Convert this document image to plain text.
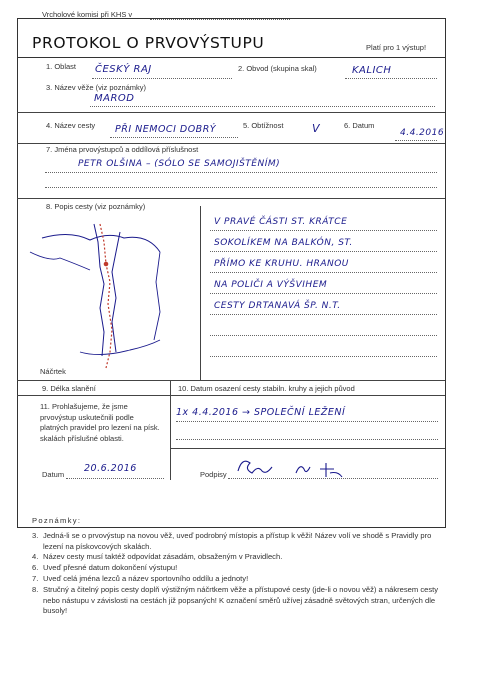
Vrcholové komisi při KHS v
PROTOKOL O PRVOVÝSTUPU	Platí pro 1 výstup!
1. Oblast ČESKÝ RAJ	2. Obvod (skupina skal)	KALICH
3. Název věže (viz poznámky)
MAROD
4. Název cesty PŘI NEMOCI DOBRÝ	5. Obtížnost	V	6. Datum
4.4.2016
7. Jména prvovýstupců a oddílová příslušnost
PETR OLŠINA – (SÓLO SE SAMOJIŠTĚNÍM)
8. Popis cesty (viz poznámky)
V PRAVÉ ČÁSTI ST. KRÁTCE
SOKOLÍKEM NA BALKÓN, ST.
PŘÍMO KE KRUHU. HRANOU
NA POLIČI A VÝŠVIHEM
CESTY DRTANAVÁ ŠP. N.T.
Náčrtek
9. Délka slanění	10. Datum osazení cesty stabiln. kruhy a jejich původ
1x 4.4.2016 → SPOLEČNÍ LEŽENÍ
11. Prohlašujeme, že jsme prvovýstup uskutečnili podle platných pravidel pro lezení na písk. skalách příslušné oblasti.
Datum
20.6.2016
Podpisy
Poznámky:
3. Jedná-li se o prvovýstup na novou věž, uveď podrobný místopis a přístup k věži! Název volí ve shodě s Pravidly pro lezení na pískovcových skalách.
4. Název cesty musí taktéž odpovídat zásadám, obsaženým v Pravidlech.
6. Uveď přesné datum dokončení výstupu!
7. Uveď celá jména lezců a název sportovního oddílu a jednoty!
8. Stručný a čitelný popis cesty doplň výstižným náčrtkem věže a přístupové cesty (jde-li o novou věž) a nákresem cesty nebo nástupu v závislosti na cestách již popsaných! K označení směrů užívej zásadně světových stran, určených dle busoly!
